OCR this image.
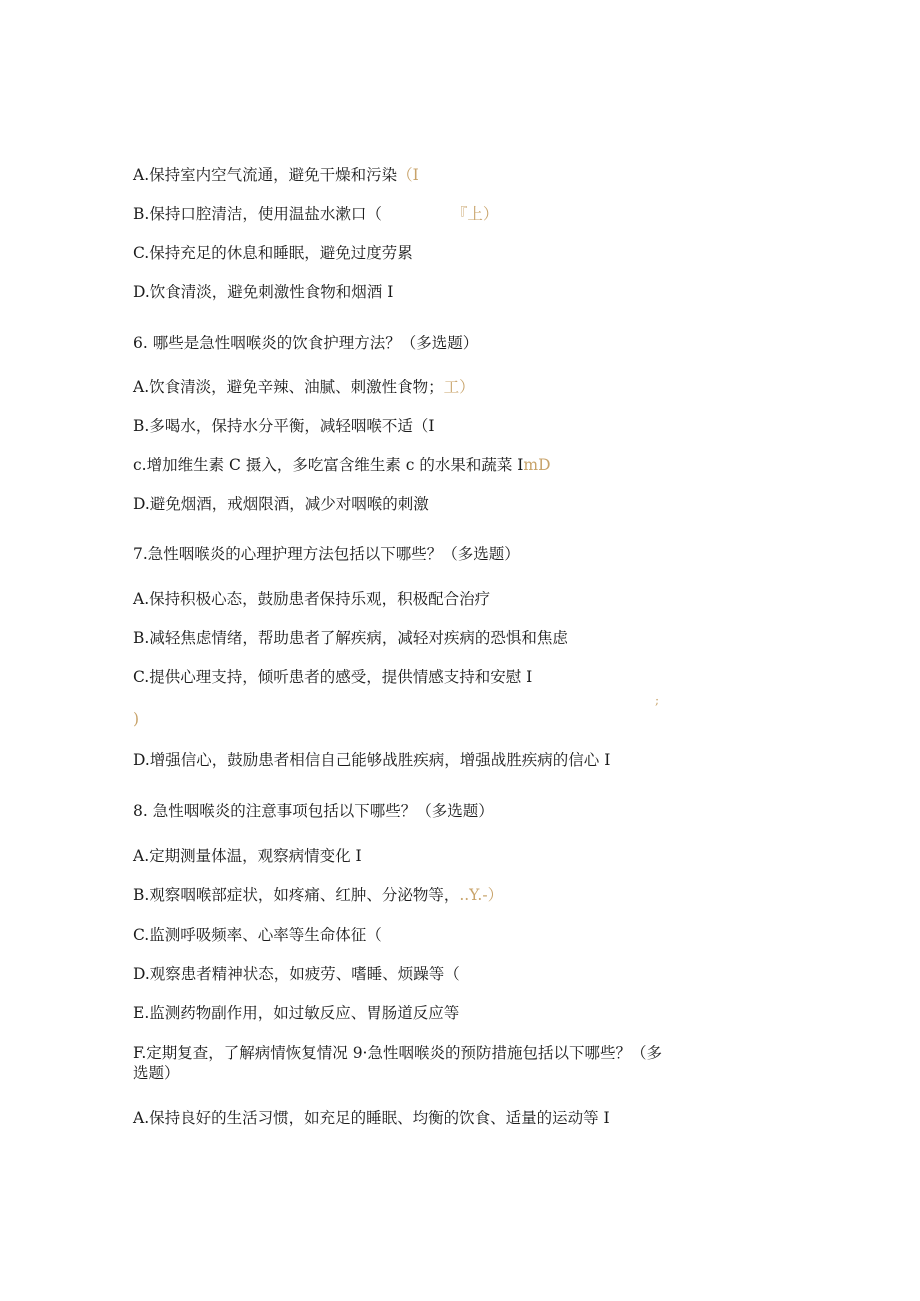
A.保持室内空气流通，避免干燥和污染（I
B.保持口腔清洁，使用温盐水漱口（	『上）
C.保持充足的休息和睡眠，避免过度劳累
D.饮食清淡，避免刺激性食物和烟酒 I
6. 哪些是急性咽喉炎的饮食护理方法？（多选题）
A.饮食清淡，避免辛辣、油腻、刺激性食物；工）
B.多喝水，保持水分平衡，减轻咽喉不适（I
c.增加维生素 C 摄入，多吃富含维生素 c 的水果和蔬菜 ImD
D.避免烟酒，戒烟限酒，减少对咽喉的刺激
7.急性咽喉炎的心理护理方法包括以下哪些？（多选题）
A.保持积极心态，鼓励患者保持乐观，积极配合治疗
B.减轻焦虑情绪，帮助患者了解疾病，减轻对疾病的恐惧和焦虑
C.提供心理支持，倾听患者的感受，提供情感支持和安慰 I
;
)
D.增强信心，鼓励患者相信自己能够战胜疾病，增强战胜疾病的信心 I
8. 急性咽喉炎的注意事项包括以下哪些？（多选题）
A.定期测量体温，观察病情变化 I
B.观察咽喉部症状，如疼痛、红肿、分泌物等，..Y.-）
C.监测呼吸频率、心率等生命体征（
D.观察患者精神状态，如疲劳、嗜睡、烦躁等（
E.监测药物副作用，如过敏反应、胃肠道反应等
F.定期复查，了解病情恢复情况 9·急性咽喉炎的预防措施包括以下哪些？（多选题）
A.保持良好的生活习惯，如充足的睡眠、均衡的饮食、适量的运动等 I
